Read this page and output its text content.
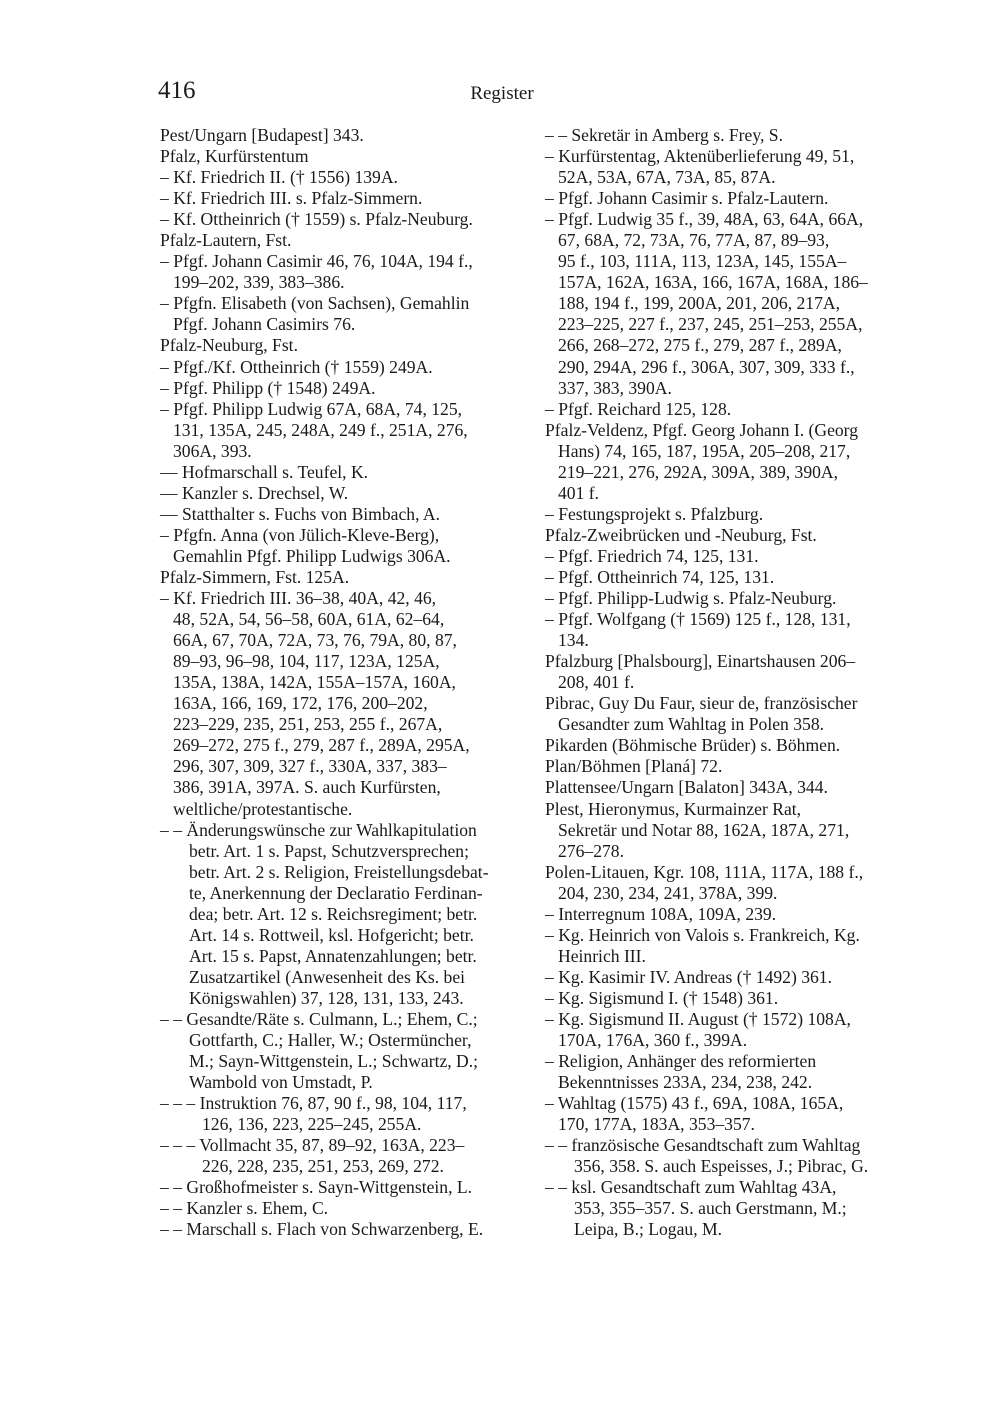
416	Register
Pest/Ungarn [Budapest] 343.
Pfalz, Kurfürstentum
– Kf. Friedrich II. († 1556) 139A.
– Kf. Friedrich III. s. Pfalz-Simmern.
– Kf. Ottheinrich († 1559) s. Pfalz-Neuburg.
Pfalz-Lautern, Fst.
– Pfgf. Johann Casimir 46, 76, 104A, 194 f.,
199–202, 339, 383–386.
– Pfgfn. Elisabeth (von Sachsen), Gemahlin
Pfgf. Johann Casimirs 76.
Pfalz-Neuburg, Fst.
– Pfgf./Kf. Ottheinrich († 1559) 249A.
– Pfgf. Philipp († 1548) 249A.
– Pfgf. Philipp Ludwig 67A, 68A, 74, 125,
131, 135A, 245, 248A, 249 f., 251A, 276,
306A, 393.
— Hofmarschall s. Teufel, K.
— Kanzler s. Drechsel, W.
— Statthalter s. Fuchs von Bimbach, A.
– Pfgfn. Anna (von Jülich-Kleve-Berg),
Gemahlin Pfgf. Philipp Ludwigs 306A.
Pfalz-Simmern, Fst. 125A.
– Kf. Friedrich III. 36–38, 40A, 42, 46,
48, 52A, 54, 56–58, 60A, 61A, 62–64,
66A, 67, 70A, 72A, 73, 76, 79A, 80, 87,
89–93, 96–98, 104, 117, 123A, 125A,
135A, 138A, 142A, 155A–157A, 160A,
163A, 166, 169, 172, 176, 200–202,
223–229, 235, 251, 253, 255 f., 267A,
269–272, 275 f., 279, 287 f., 289A, 295A,
296, 307, 309, 327 f., 330A, 337, 383–
386, 391A, 397A. S. auch Kurfürsten,
weltliche/protestantische.
– – Änderungswünsche zur Wahlkapitulation
betr. Art. 1 s. Papst, Schutzversprechen;
betr. Art. 2 s. Religion, Freistellungsdebat-
te, Anerkennung der Declaratio Ferdinan-
dea; betr. Art. 12 s. Reichsregiment; betr.
Art. 14 s. Rottweil, ksl. Hofgericht; betr.
Art. 15 s. Papst, Annatenzahlungen; betr.
Zusatzartikel (Anwesenheit des Ks. bei
Königswahlen) 37, 128, 131, 133, 243.
– – Gesandte/Räte s. Culmann, L.; Ehem, C.;
Gottfarth, C.; Haller, W.; Ostermüncher,
M.; Sayn-Wittgenstein, L.; Schwartz, D.;
Wambold von Umstadt, P.
– – – Instruktion 76, 87, 90 f., 98, 104, 117,
126, 136, 223, 225–245, 255A.
– – – Vollmacht 35, 87, 89–92, 163A, 223–
226, 228, 235, 251, 253, 269, 272.
– – Großhofmeister s. Sayn-Wittgenstein, L.
– – Kanzler s. Ehem, C.
– – Marschall s. Flach von Schwarzenberg, E.
– – Sekretär in Amberg s. Frey, S.
– Kurfürstentag, Aktenüberlieferung 49, 51,
52A, 53A, 67A, 73A, 85, 87A.
– Pfgf. Johann Casimir s. Pfalz-Lautern.
– Pfgf. Ludwig 35 f., 39, 48A, 63, 64A, 66A,
67, 68A, 72, 73A, 76, 77A, 87, 89–93,
95 f., 103, 111A, 113, 123A, 145, 155A–
157A, 162A, 163A, 166, 167A, 168A, 186–
188, 194 f., 199, 200A, 201, 206, 217A,
223–225, 227 f., 237, 245, 251–253, 255A,
266, 268–272, 275 f., 279, 287 f., 289A,
290, 294A, 296 f., 306A, 307, 309, 333 f.,
337, 383, 390A.
– Pfgf. Reichard 125, 128.
Pfalz-Veldenz, Pfgf. Georg Johann I. (Georg
Hans) 74, 165, 187, 195A, 205–208, 217,
219–221, 276, 292A, 309A, 389, 390A,
401 f.
– Festungsprojekt s. Pfalzburg.
Pfalz-Zweibrücken und -Neuburg, Fst.
– Pfgf. Friedrich 74, 125, 131.
– Pfgf. Ottheinrich 74, 125, 131.
– Pfgf. Philipp-Ludwig s. Pfalz-Neuburg.
– Pfgf. Wolfgang († 1569) 125 f., 128, 131,
134.
Pfalzburg [Phalsbourg], Einartshausen 206–
208, 401 f.
Pibrac, Guy Du Faur, sieur de, französischer
Gesandter zum Wahltag in Polen 358.
Pikarden (Böhmische Brüder) s. Böhmen.
Plan/Böhmen [Planá] 72.
Plattensee/Ungarn [Balaton] 343A, 344.
Plest, Hieronymus, Kurmainzer Rat,
Sekretär und Notar 88, 162A, 187A, 271,
276–278.
Polen-Litauen, Kgr. 108, 111A, 117A, 188 f.,
204, 230, 234, 241, 378A, 399.
– Interregnum 108A, 109A, 239.
– Kg. Heinrich von Valois s. Frankreich, Kg.
Heinrich III.
– Kg. Kasimir IV. Andreas († 1492) 361.
– Kg. Sigismund I. († 1548) 361.
– Kg. Sigismund II. August († 1572) 108A,
170A, 176A, 360 f., 399A.
– Religion, Anhänger des reformierten
Bekenntnisses 233A, 234, 238, 242.
– Wahltag (1575) 43 f., 69A, 108A, 165A,
170, 177A, 183A, 353–357.
– – französische Gesandtschaft zum Wahltag
356, 358. S. auch Espeisses, J.; Pibrac, G.
– – ksl. Gesandtschaft zum Wahltag 43A,
353, 355–357. S. auch Gerstmann, M.;
Leipa, B.; Logau, M.
